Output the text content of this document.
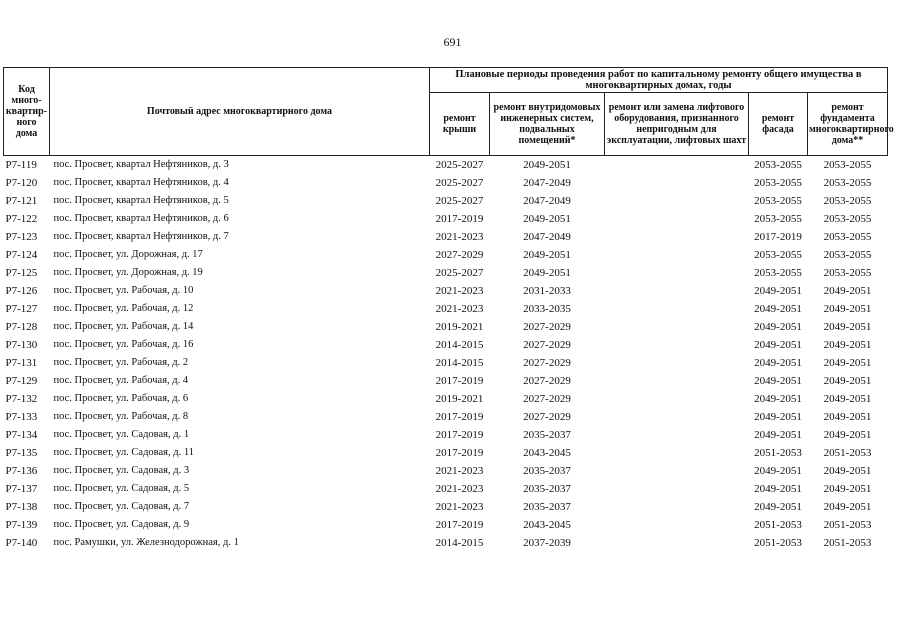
691
Код много-квартир-ного дома	Почтовый адрес многоквартирного дома	Плановые периоды проведения работ по капитальному ремонту общего имущества в многоквартирных домах, годы				
		ремонт крыши	ремонт внутридомовых инженерных систем, подвальных помещений*	ремонт или замена лифтового оборудования, признанного непригодным для эксплуатации, лифтовых шахт	ремонт фасада	ремонт фундамента многоквартирного дома**
Р7-119	пос. Просвет, квартал Нефтяников, д. 3	2025-2027	2049-2051		2053-2055	2053-2055
Р7-120	пос. Просвет, квартал Нефтяников, д. 4	2025-2027	2047-2049		2053-2055	2053-2055
Р7-121	пос. Просвет, квартал Нефтяников, д. 5	2025-2027	2047-2049		2053-2055	2053-2055
Р7-122	пос. Просвет, квартал Нефтяников, д. 6	2017-2019	2049-2051		2053-2055	2053-2055
Р7-123	пос. Просвет, квартал Нефтяников, д. 7	2021-2023	2047-2049		2017-2019	2053-2055
Р7-124	пос. Просвет, ул. Дорожная, д. 17	2027-2029	2049-2051		2053-2055	2053-2055
Р7-125	пос. Просвет, ул. Дорожная, д. 19	2025-2027	2049-2051		2053-2055	2053-2055
Р7-126	пос. Просвет, ул. Рабочая, д. 10	2021-2023	2031-2033		2049-2051	2049-2051
Р7-127	пос. Просвет, ул. Рабочая, д. 12	2021-2023	2033-2035		2049-2051	2049-2051
Р7-128	пос. Просвет, ул. Рабочая, д. 14	2019-2021	2027-2029		2049-2051	2049-2051
Р7-130	пос. Просвет, ул. Рабочая, д. 16	2014-2015	2027-2029		2049-2051	2049-2051
Р7-131	пос. Просвет, ул. Рабочая, д. 2	2014-2015	2027-2029		2049-2051	2049-2051
Р7-129	пос. Просвет, ул. Рабочая, д. 4	2017-2019	2027-2029		2049-2051	2049-2051
Р7-132	пос. Просвет, ул. Рабочая, д. 6	2019-2021	2027-2029		2049-2051	2049-2051
Р7-133	пос. Просвет, ул. Рабочая, д. 8	2017-2019	2027-2029		2049-2051	2049-2051
Р7-134	пос. Просвет, ул. Садовая, д. 1	2017-2019	2035-2037		2049-2051	2049-2051
Р7-135	пос. Просвет, ул. Садовая, д. 11	2017-2019	2043-2045		2051-2053	2051-2053
Р7-136	пос. Просвет, ул. Садовая, д. 3	2021-2023	2035-2037		2049-2051	2049-2051
Р7-137	пос. Просвет, ул. Садовая, д. 5	2021-2023	2035-2037		2049-2051	2049-2051
Р7-138	пос. Просвет, ул. Садовая, д. 7	2021-2023	2035-2037		2049-2051	2049-2051
Р7-139	пос. Просвет, ул. Садовая, д. 9	2017-2019	2043-2045		2051-2053	2051-2053
Р7-140	пос. Рамушки, ул. Железнодорожная, д. 1	2014-2015	2037-2039		2051-2053	2051-2053
